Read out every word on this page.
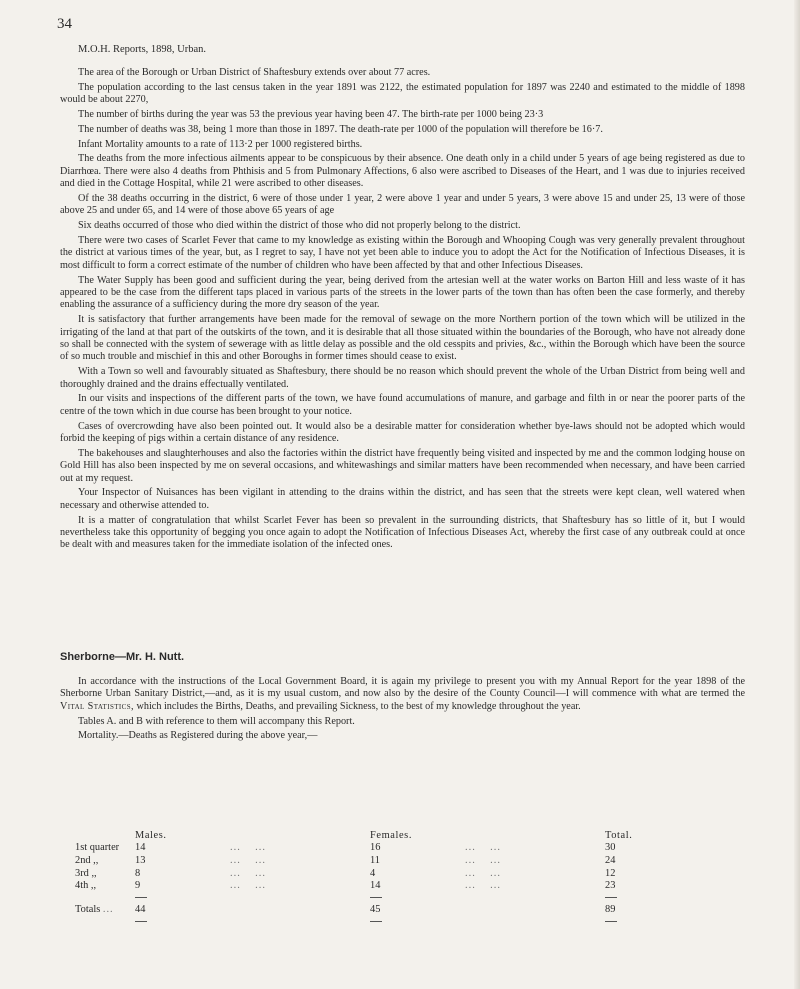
34
M.O.H. Reports, 1898, Urban.

The area of the Borough or Urban District of Shaftesbury extends over about 77 acres.

The population according to the last census taken in the year 1891 was 2122, the estimated population for 1897 was 2240 and estimated to the middle of 1898 would be about 2270,

The number of births during the year was 53 the previous year having been 47. The birth-rate per 1000 being 23·3

The number of deaths was 38, being 1 more than those in 1897. The death-rate per 1000 of the population will therefore be 16·7.

Infant Mortality amounts to a rate of 113·2 per 1000 registered births.

The deaths from the more infectious ailments appear to be conspicuous by their absence. One death only in a child under 5 years of age being registered as due to Diarrhœa. There were also 4 deaths from Phthisis and 5 from Pulmonary Affections, 6 also were ascribed to Diseases of the Heart, and 1 was due to injuries received and died in the Cottage Hospital, while 21 were ascribed to other diseases.

Of the 38 deaths occurring in the district, 6 were of those under 1 year, 2 were above 1 year and under 5 years, 3 were above 15 and under 25, 13 were of those above 25 and under 65, and 14 were of those above 65 years of age

Six deaths occurred of those who died within the district of those who did not properly belong to the district.

There were two cases of Scarlet Fever that came to my knowledge as existing within the Borough and Whooping Cough was very generally prevalent throughout the district at various times of the year, but, as I regret to say, I have not yet been able to induce you to adopt the Act for the Notification of Infectious Diseases, it is most difficult to form a correct estimate of the number of children who have been affected by that and other Infectious Diseases.

The Water Supply has been good and sufficient during the year, being derived from the artesian well at the water works on Barton Hill and less waste of it has appeared to be the case from the different taps placed in various parts of the streets in the lower parts of the town than has often been the case formerly, and thereby enabling the assurance of a sufficiency during the more dry season of the year.

It is satisfactory that further arrangements have been made for the removal of sewage on the more Northern portion of the town which will be utilized in the irrigating of the land at that part of the outskirts of the town, and it is desirable that all those situated within the boundaries of the Borough, who have not already done so shall be connected with the system of sewerage with as little delay as possible and the old cesspits and privies, &c., within the Borough which have been the source of so much trouble and mischief in this and other Boroughs in former times should cease to exist.

With a Town so well and favourably situated as Shaftesbury, there should be no reason which should prevent the whole of the Urban District from being well and thoroughly drained and the drains effectually ventilated.

In our visits and inspections of the different parts of the town, we have found accumulations of manure, and garbage and filth in or near the poorer parts of the centre of the town which in due course has been brought to your notice.

Cases of overcrowding have also been pointed out. It would also be a desirable matter for consideration whether bye-laws should not be adopted which would forbid the keeping of pigs within a certain distance of any residence.

The bakehouses and slaughterhouses and also the factories within the district have frequently being visited and inspected by me and the common lodging house on Gold Hill has also been inspected by me on several occasions, and whitewashings and similar matters have been recommended when necessary, and have been carried out at my request.

Your Inspector of Nuisances has been vigilant in attending to the drains within the district, and has seen that the streets were kept clean, well watered when necessary and otherwise attended to.

It is a matter of congratulation that whilst Scarlet Fever has been so prevalent in the surrounding districts, that Shaftesbury has so little of it, but I would nevertheless take this opportunity of begging you once again to adopt the Notification of Infectious Diseases Act, whereby the first case of any outbreak could at once be dealt with and measures taken for the immediate isolation of the infected ones.

Sherborne—Mr. H. Nutt.

In accordance with the instructions of the Local Government Board, it is again my privilege to present you with my Annual Report for the year 1898 of the Sherborne Urban Sanitary District,—and, as it is my usual custom, and now also by the desire of the County Council—I will commence with what are termed the Vital Statistics, which includes the Births, Deaths, and prevailing Sickness, to the best of my knowledge throughout the year.

Tables A. and B with reference to them will accompany this Report.

Mortality.—Deaths as Registered during the above year,—

	Males.		Females.		Total.
1st quarter	14	...    ...	16	...    ...	30
2nd ,,	13	...    ...	11	...    ...	24
3rd ,,	8	...    ...	4	...    ...	12
4th ,,	9	...    ...	14	...    ...	23

Totals ...	44		45		89
